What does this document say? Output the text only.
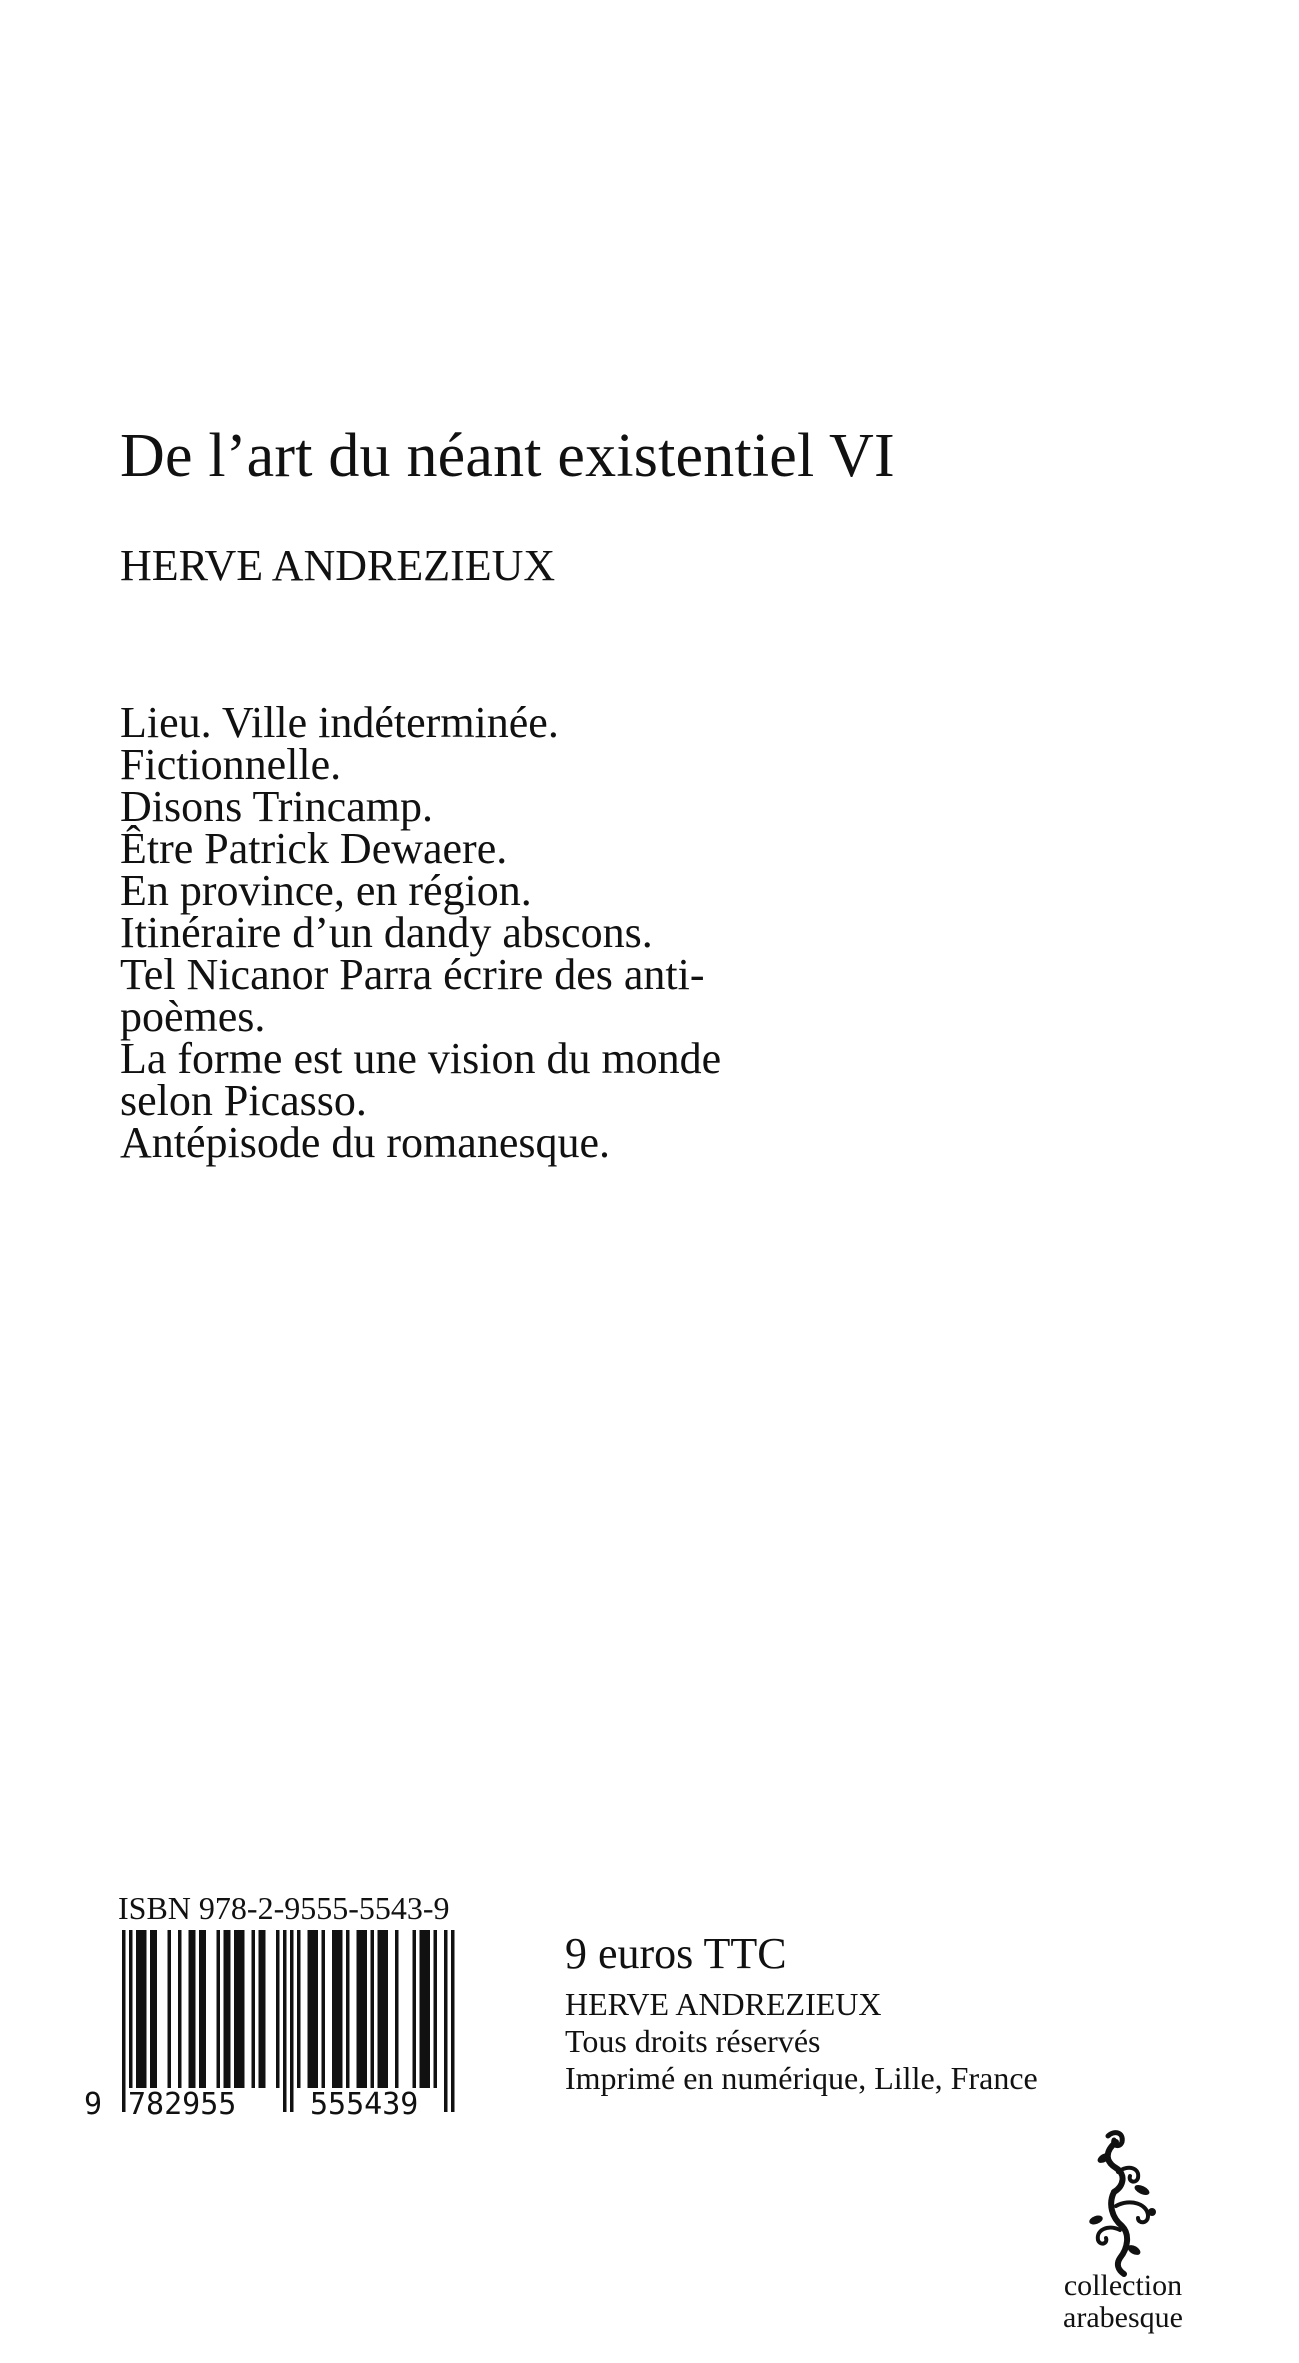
De l’art du néant existentiel VI
HERVE ANDREZIEUX
Lieu. Ville indéterminée.
Fictionnelle.
Disons Trincamp.
Être Patrick Dewaere.
En province, en région.
Itinéraire d’un dandy abscons.
Tel Nicanor Parra écrire des anti-
poèmes.
La forme est une vision du monde
selon Picasso.
Antépisode du romanesque.
ISBN 978-2-9555-5543-9
9 782955 555439
9 euros TTC
HERVE ANDREZIEUX
Tous droits réservés
Imprimé en numérique, Lille, France
collection
arabesque
